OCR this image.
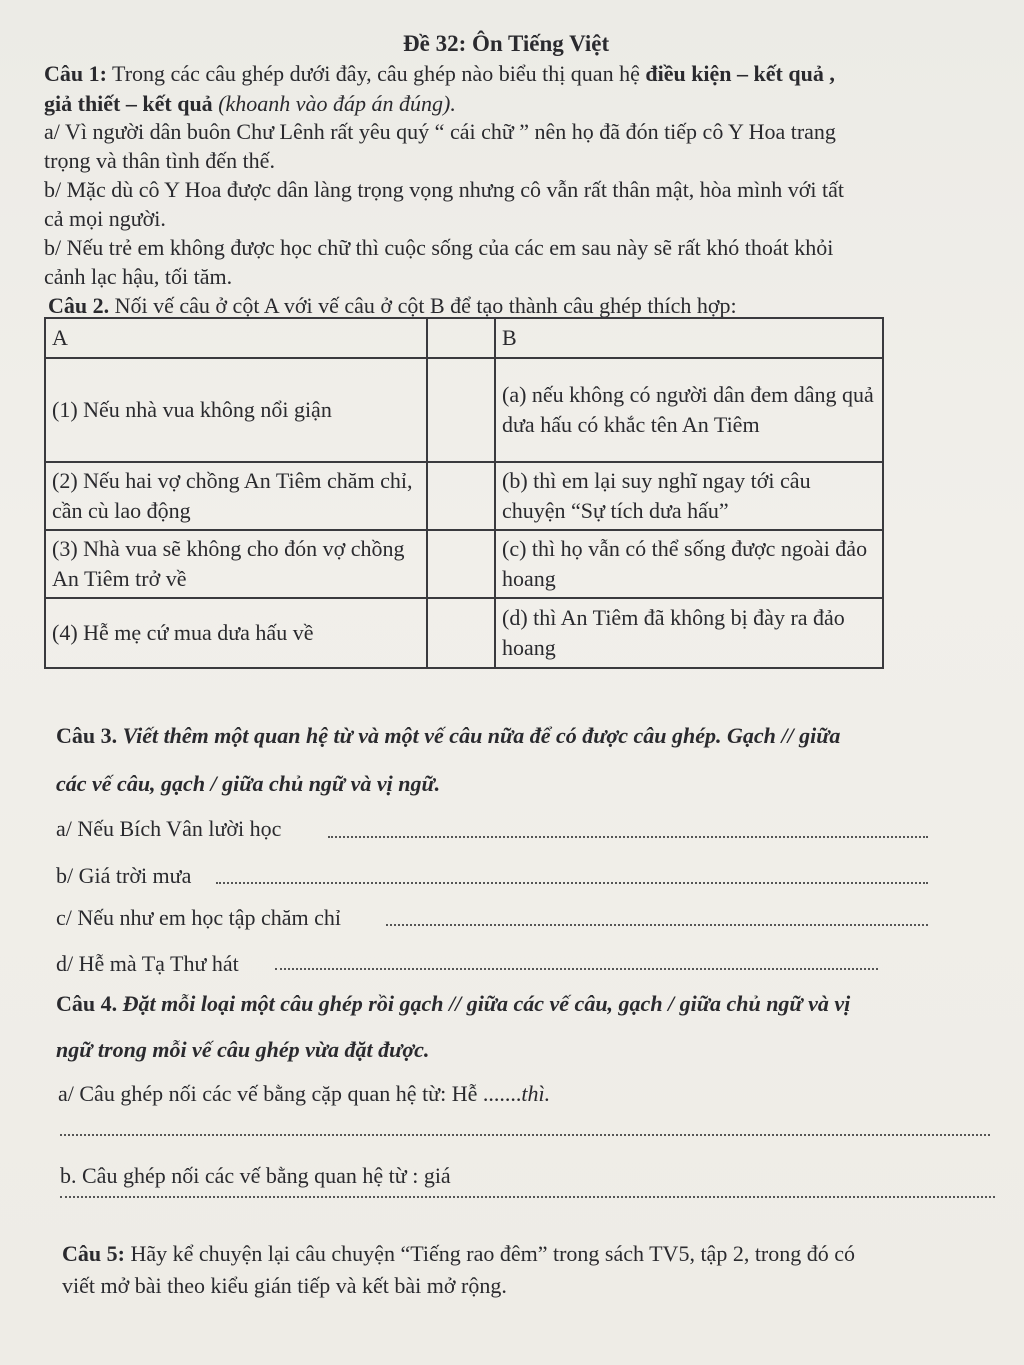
Đề 32: Ôn Tiếng Việt
Câu 1: Trong các câu ghép dưới đây, câu ghép nào biểu thị quan hệ điều kiện – kết quả ,
giả thiết – kết quả (khoanh vào đáp án đúng).
a/ Vì người dân buôn Chư Lênh rất yêu quý “ cái chữ ” nên họ đã đón tiếp cô Y Hoa trang
trọng và thân tình đến thế.
b/ Mặc dù cô Y Hoa được dân làng trọng vọng nhưng cô vẫn rất thân mật, hòa mình với tất
cả mọi người.
b/ Nếu trẻ em không được học chữ thì cuộc sống của các em sau này sẽ rất khó thoát khỏi
cảnh lạc hậu, tối tăm.
Câu 2. Nối vế câu ở cột A với vế câu ở cột B để tạo thành câu ghép thích hợp:
A		B
(1) Nếu nhà vua không nổi giận		(a) nếu không có người dân đem dâng quả dưa hấu có khắc tên An Tiêm
(2) Nếu hai vợ chồng An Tiêm chăm chỉ, cần cù lao động		(b) thì em lại suy nghĩ ngay tới câu chuyện “Sự tích dưa hấu”
(3) Nhà vua sẽ không cho đón vợ chồng An Tiêm trở về		(c) thì họ vẫn có thể sống được ngoài đảo hoang
(4) Hễ mẹ cứ mua dưa hấu về		(d) thì An Tiêm đã không bị đày ra đảo hoang
Câu 3. Viết thêm một quan hệ từ và một vế câu nữa để có được câu ghép. Gạch // giữa
các vế câu, gạch / giữa chủ ngữ và vị ngữ.
a/ Nếu Bích Vân lười học
b/ Giá trời mưa
c/ Nếu như em học tập chăm chỉ
d/ Hễ mà Tạ Thư hát
Câu 4. Đặt mỗi loại một câu ghép rồi gạch // giữa các vế câu, gạch / giữa chủ ngữ và vị
ngữ trong mỗi vế câu ghép vừa đặt được.
a/ Câu ghép nối các vế bằng cặp quan hệ từ: Hễ .......thì.
b. Câu ghép nối các vế bằng quan hệ từ : giá
Câu 5: Hãy kể chuyện lại câu chuyện “Tiếng rao đêm” trong sách TV5, tập 2, trong đó có
viết mở bài theo kiểu gián tiếp và kết bài mở rộng.
